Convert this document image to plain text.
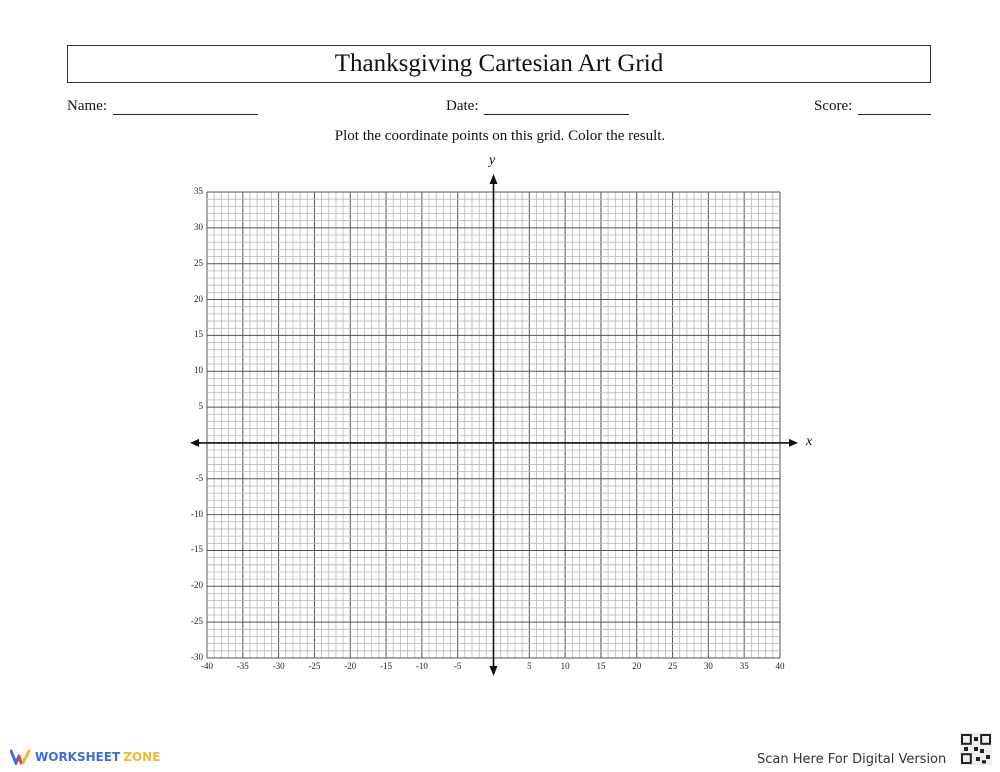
Thanksgiving Cartesian Art Grid
Name:	Date:	Score:
Plot the coordinate points on this grid. Color the result.
y
x
35
30
25
20
15
10
5
-5
-10
-15
-20
-25
-30
-40	-35	-30	-25	-20	-15	-10	-5	5	10	15	20	25	30	35	40
WORKSHEET ZONE	Scan Here For Digital Version
